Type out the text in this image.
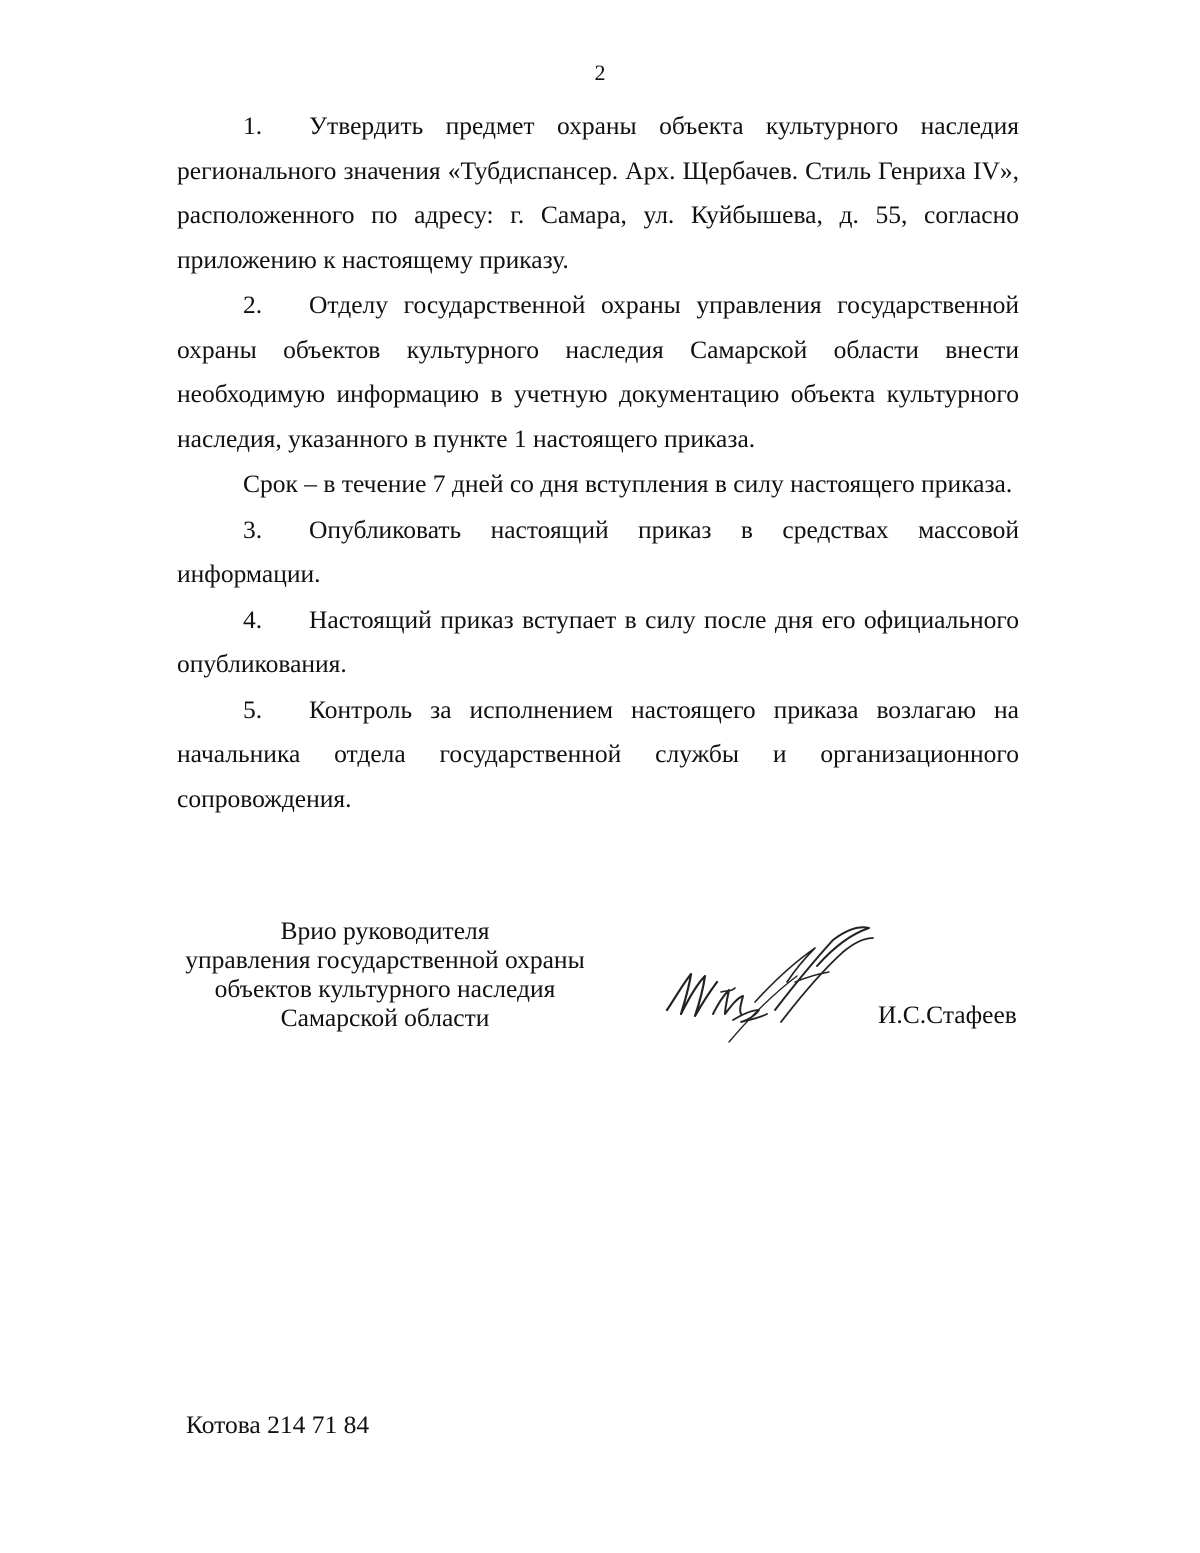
2

1. Утвердить предмет охраны объекта культурного наследия регионального значения «Тубдиспансер. Арх. Щербачев. Стиль Генриха IV», расположенного по адресу: г. Самара, ул. Куйбышева, д. 55, согласно приложению к настоящему приказу.

2. Отделу государственной охраны управления государственной охраны объектов культурного наследия Самарской области внести необходимую информацию в учетную документацию объекта культурного наследия, указанного в пункте 1 настоящего приказа.

Срок – в течение 7 дней со дня вступления в силу настоящего приказа.

3. Опубликовать настоящий приказ в средствах массовой информации.

4. Настоящий приказ вступает в силу после дня его официального опубликования.

5. Контроль за исполнением настоящего приказа возлагаю на начальника отдела государственной службы и организационного сопровождения.

Врио руководителя
управления государственной охраны
объектов культурного наследия
Самарской области	И.С.Стафеев
Котова 214 71 84
